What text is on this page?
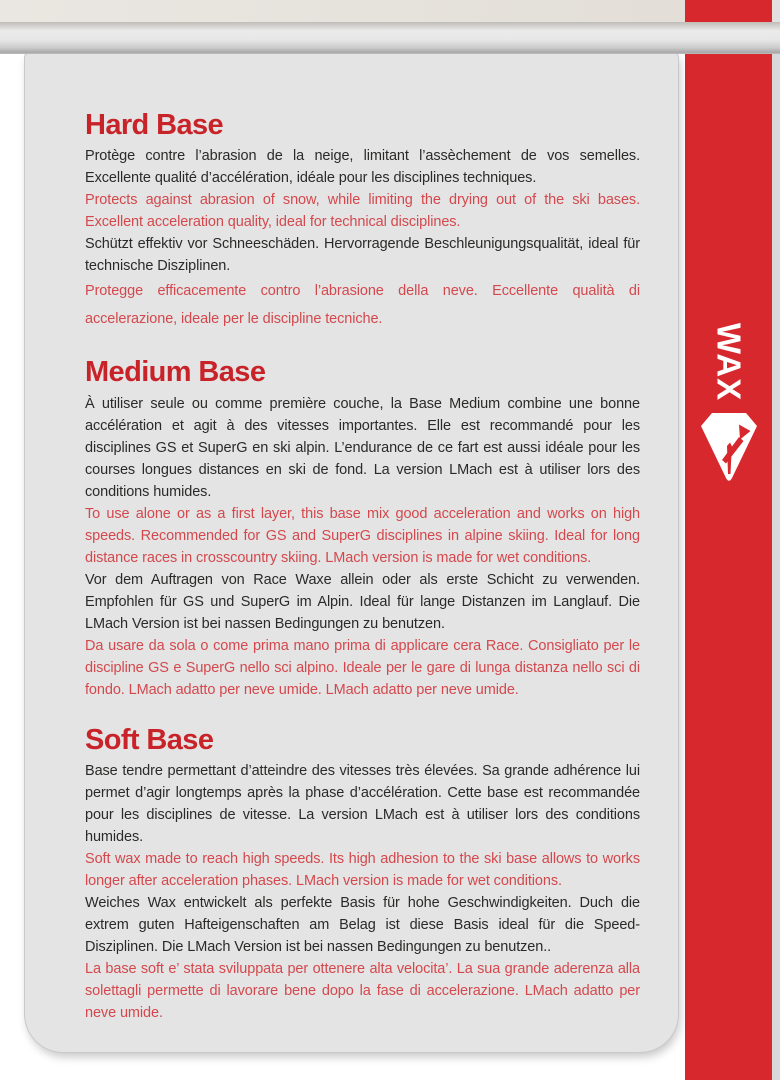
WAX
Hard Base

Protège contre l’abrasion de la neige, limitant l’assèchement de vos semelles. Excellente qualité d’accélération, idéale pour les disciplines techniques.

Protects against abrasion of snow, while limiting the drying out of the ski bases. Excellent acceleration quality, ideal for technical disciplines.

Schützt effektiv vor Schneeschäden. Hervorragende Beschleunigungsqualität, ideal für technische Disziplinen.

Protegge efficacemente contro l’abrasione della neve. Eccellente qualità di accelerazione, ideale per le discipline tecniche.

Medium Base

À utiliser seule ou comme première couche, la Base Medium combine une bonne accélération et agit à des vitesses importantes. Elle est recommandé pour les disciplines GS et SuperG en ski alpin. L’endurance de ce fart est aussi idéale pour les courses longues distances en ski de fond. La version LMach est à utiliser lors des conditions humides.

To use alone or as a first layer, this base mix good acceleration and works on high speeds. Recommended for GS and SuperG disciplines in alpine skiing. Ideal for long distance races in crosscountry skiing. LMach version is made for wet conditions.

Vor dem Auftragen von Race Waxe allein oder als erste Schicht zu verwenden. Empfohlen für GS und SuperG im Alpin. Ideal für lange Distanzen im Langlauf. Die LMach Version ist bei nassen Bedingungen zu benutzen.

Da usare da sola o come prima mano prima di applicare cera Race. Consigliato per le discipline GS e SuperG nello sci alpino. Ideale per le gare di lunga distanza nello sci di fondo. LMach adatto per neve umide. LMach adatto per neve umide.

Soft Base

Base tendre permettant d’atteindre des vitesses très élevées. Sa grande adhérence lui permet d’agir longtemps après la phase d’accélération. Cette base est recommandée pour les disciplines de vitesse. La version LMach est à utiliser lors des conditions humides.

Soft wax made to reach high speeds. Its high adhesion to the ski base allows to works longer after acceleration phases. LMach version is made for wet conditions.

Weiches Wax entwickelt als perfekte Basis für hohe Geschwindigkeiten. Duch die extrem guten Hafteigenschaften am Belag ist diese Basis ideal für die Speed-Disziplinen. Die LMach Version ist bei nassen Bedingungen zu benutzen..

La base soft e’ stata sviluppata per ottenere alta velocita’. La sua grande aderenza alla solettagli permette di lavorare bene dopo la fase di accelerazione. LMach adatto per neve umide.
